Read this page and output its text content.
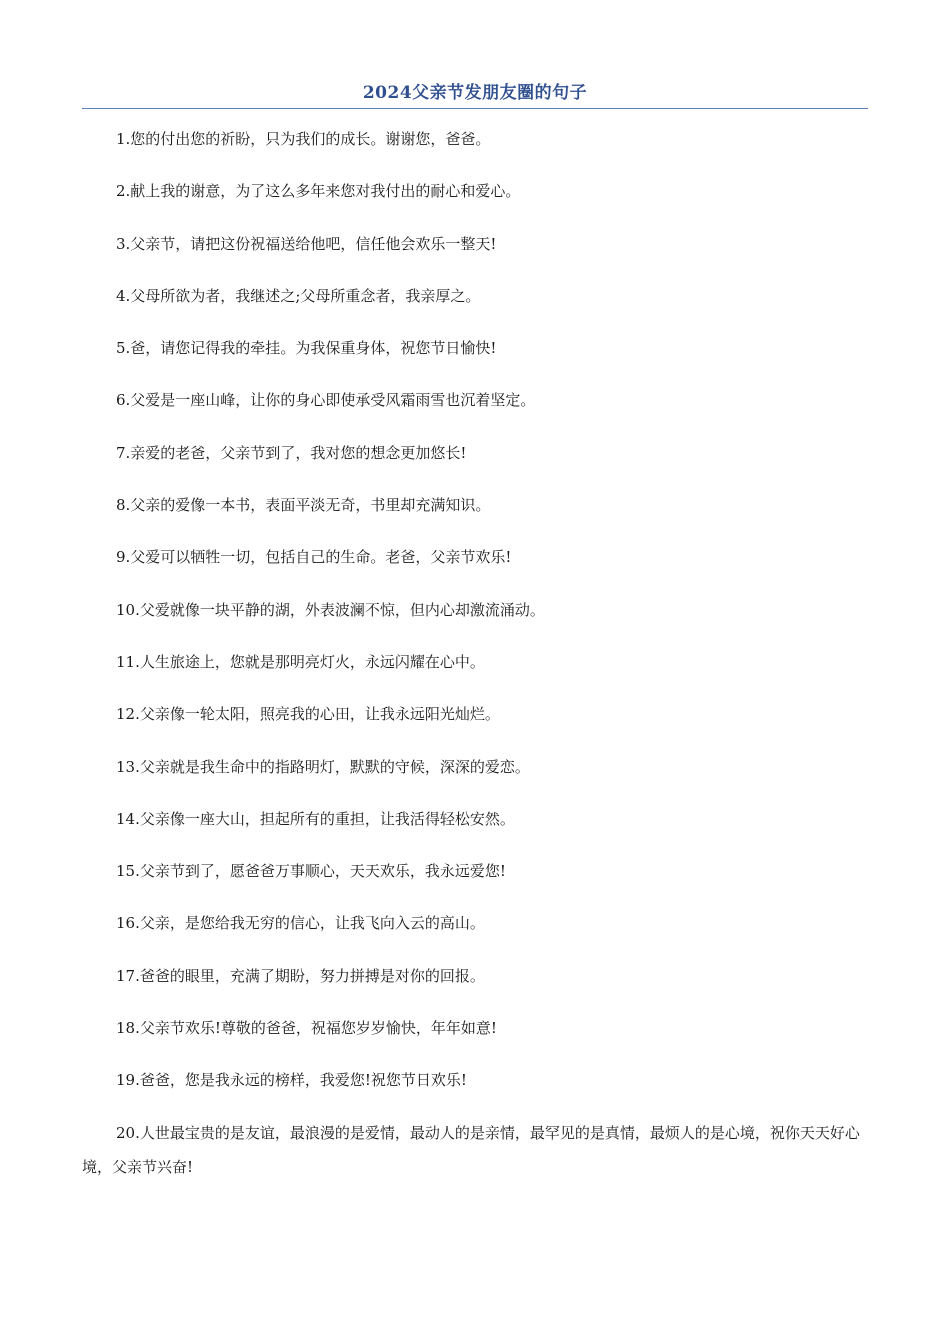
2024父亲节发朋友圈的句子
1.您的付出您的祈盼，只为我们的成长。谢谢您，爸爸。
2.献上我的谢意，为了这么多年来您对我付出的耐心和爱心。
3.父亲节，请把这份祝福送给他吧，信任他会欢乐一整天!
4.父母所欲为者，我继述之;父母所重念者，我亲厚之。
5.爸，请您记得我的牵挂。为我保重身体，祝您节日愉快!
6.父爱是一座山峰，让你的身心即使承受风霜雨雪也沉着坚定。
7.亲爱的老爸，父亲节到了，我对您的想念更加悠长!
8.父亲的爱像一本书，表面平淡无奇，书里却充满知识。
9.父爱可以牺牲一切，包括自己的生命。老爸，父亲节欢乐!
10.父爱就像一块平静的湖，外表波澜不惊，但内心却激流涌动。
11.人生旅途上，您就是那明亮灯火，永远闪耀在心中。
12.父亲像一轮太阳，照亮我的心田，让我永远阳光灿烂。
13.父亲就是我生命中的指路明灯，默默的守候，深深的爱恋。
14.父亲像一座大山，担起所有的重担，让我活得轻松安然。
15.父亲节到了，愿爸爸万事顺心，天天欢乐，我永远爱您!
16.父亲，是您给我无穷的信心，让我飞向入云的高山。
17.爸爸的眼里，充满了期盼，努力拼搏是对你的回报。
18.父亲节欢乐!尊敬的爸爸，祝福您岁岁愉快，年年如意!
19.爸爸，您是我永远的榜样，我爱您!祝您节日欢乐!
20.人世最宝贵的是友谊，最浪漫的是爱情，最动人的是亲情，最罕见的是真情，最烦人的是心境，祝你天天好心境，父亲节兴奋!
